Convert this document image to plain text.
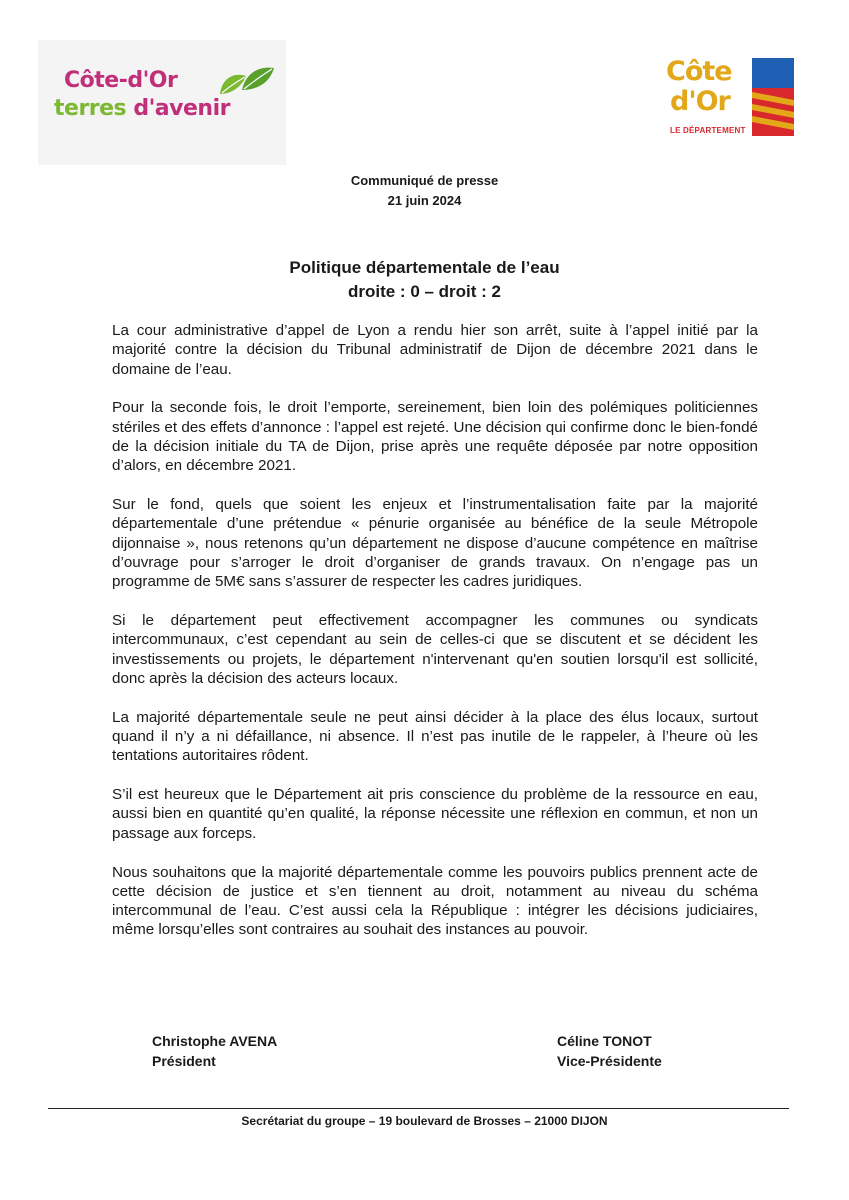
Côte-d'Or
terres d'avenir
Côte
d'Or
LE DÉPARTEMENT
Communiqué de presse
21 juin 2024
Politique départementale de l’eau
droite : 0 – droit : 2

La cour administrative d’appel de Lyon a rendu hier son arrêt, suite à l’appel initié par la majorité contre la décision du Tribunal administratif de Dijon de décembre 2021 dans le domaine de l’eau.

Pour la seconde fois, le droit l’emporte, sereinement, bien loin des polémiques politiciennes stériles et des effets d’annonce : l’appel est rejeté. Une décision qui confirme donc le bien-fondé de la décision initiale du TA de Dijon, prise après une requête déposée par notre opposition d’alors, en décembre 2021.

Sur le fond, quels que soient les enjeux et l’instrumentalisation faite par la majorité départementale d’une prétendue « pénurie organisée au bénéfice de la seule Métropole dijonnaise », nous retenons qu’un département ne dispose d’aucune compétence en maîtrise d’ouvrage pour s’arroger le droit d’organiser de grands travaux. On n’engage pas un programme de 5M€ sans s’assurer de respecter les cadres juridiques.

Si le département peut effectivement accompagner les communes ou syndicats intercommunaux, c’est cependant au sein de celles-ci que se discutent et se décident les investissements ou projets, le département n'intervenant qu'en soutien lorsqu'il est sollicité, donc après la décision des acteurs locaux.

La majorité départementale seule ne peut ainsi décider à la place des élus locaux, surtout quand il n’y a ni défaillance, ni absence. Il n’est pas inutile de le rappeler, à l’heure où les tentations autoritaires rôdent.

S’il est heureux que le Département ait pris conscience du problème de la ressource en eau, aussi bien en quantité qu’en qualité, la réponse nécessite une réflexion en commun, et non un passage aux forceps.

Nous souhaitons que la majorité départementale comme les pouvoirs publics prennent acte de cette décision de justice et s’en tiennent au droit, notamment au niveau du schéma intercommunal de l’eau. C’est aussi cela la République : intégrer les décisions judiciaires, même lorsqu’elles sont contraires au souhait des instances au pouvoir.

Christophe AVENA
Président
Céline TONOT
Vice-Présidente
Secrétariat du groupe – 19 boulevard de Brosses – 21000 DIJON
